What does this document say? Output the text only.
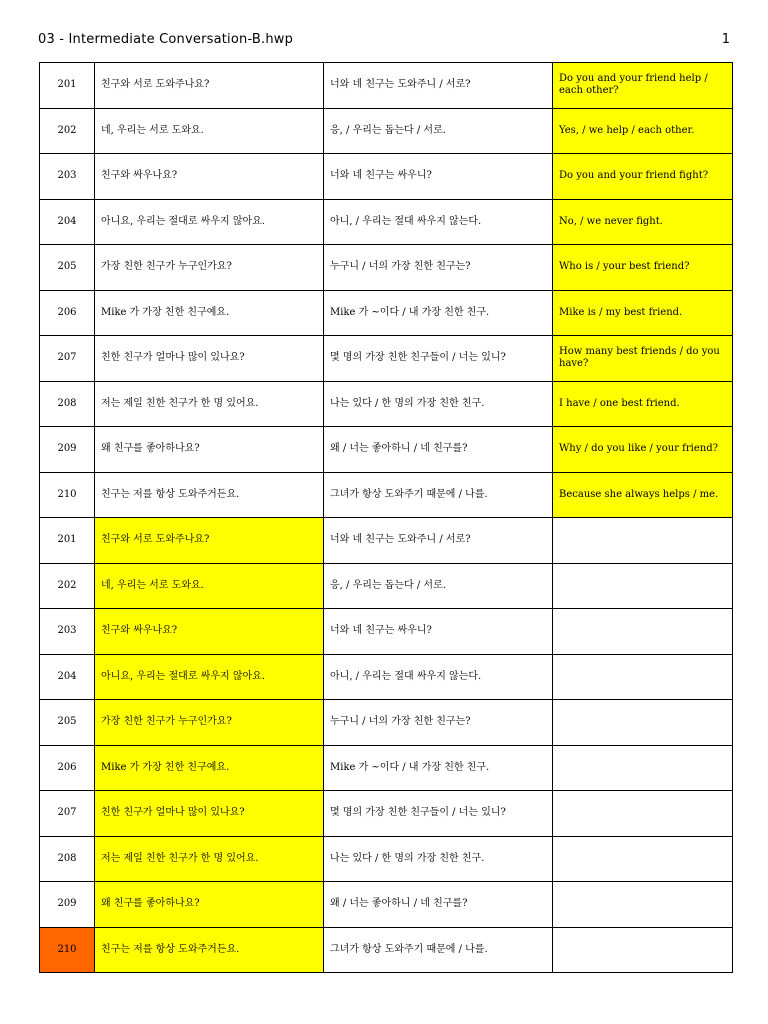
03 - Intermediate Conversation-B.hwp	1
201	친구와 서로 도와주나요?	너와 네 친구는 도와주니 / 서로?	Do you and your friend help / each other?
202	네, 우리는 서로 도와요.	응, / 우리는 돕는다 / 서로.	Yes, / we help / each other.
203	친구와 싸우나요?	너와 네 친구는 싸우니?	Do you and your friend fight?
204	아니요, 우리는 절대로 싸우지 않아요.	아니, / 우리는 절대 싸우지 않는다.	No, / we never fight.
205	가장 친한 친구가 누구인가요?	누구니 / 너의 가장 친한 친구는?	Who is / your best friend?
206	Mike 가 가장 친한 친구예요.	Mike 가 ~이다 / 내 가장 친한 친구.	Mike is / my best friend.
207	친한 친구가 얼마나 많이 있나요?	몇 명의 가장 친한 친구들이 / 너는 있니?	How many best friends / do you have?
208	저는 제일 친한 친구가 한 명 있어요.	나는 있다 / 한 명의 가장 친한 친구.	I have / one best friend.
209	왜 친구를 좋아하나요?	왜 / 너는 좋아하니 / 네 친구를?	Why / do you like / your friend?
210	친구는 저를 항상 도와주거든요.	그녀가 항상 도와주기 때문에 / 나를.	Because she always helps / me.
201	친구와 서로 도와주나요?	너와 네 친구는 도와주니 / 서로?	
202	네, 우리는 서로 도와요.	응, / 우리는 돕는다 / 서로.	
203	친구와 싸우나요?	너와 네 친구는 싸우니?	
204	아니요, 우리는 절대로 싸우지 않아요.	아니, / 우리는 절대 싸우지 않는다.	
205	가장 친한 친구가 누구인가요?	누구니 / 너의 가장 친한 친구는?	
206	Mike 가 가장 친한 친구예요.	Mike 가 ~이다 / 내 가장 친한 친구.	
207	친한 친구가 얼마나 많이 있나요?	몇 명의 가장 친한 친구들이 / 너는 있니?	
208	저는 제일 친한 친구가 한 명 있어요.	나는 있다 / 한 명의 가장 친한 친구.	
209	왜 친구를 좋아하나요?	왜 / 너는 좋아하니 / 네 친구를?	
210	친구는 저를 항상 도와주거든요.	그녀가 항상 도와주기 때문에 / 나를.	
